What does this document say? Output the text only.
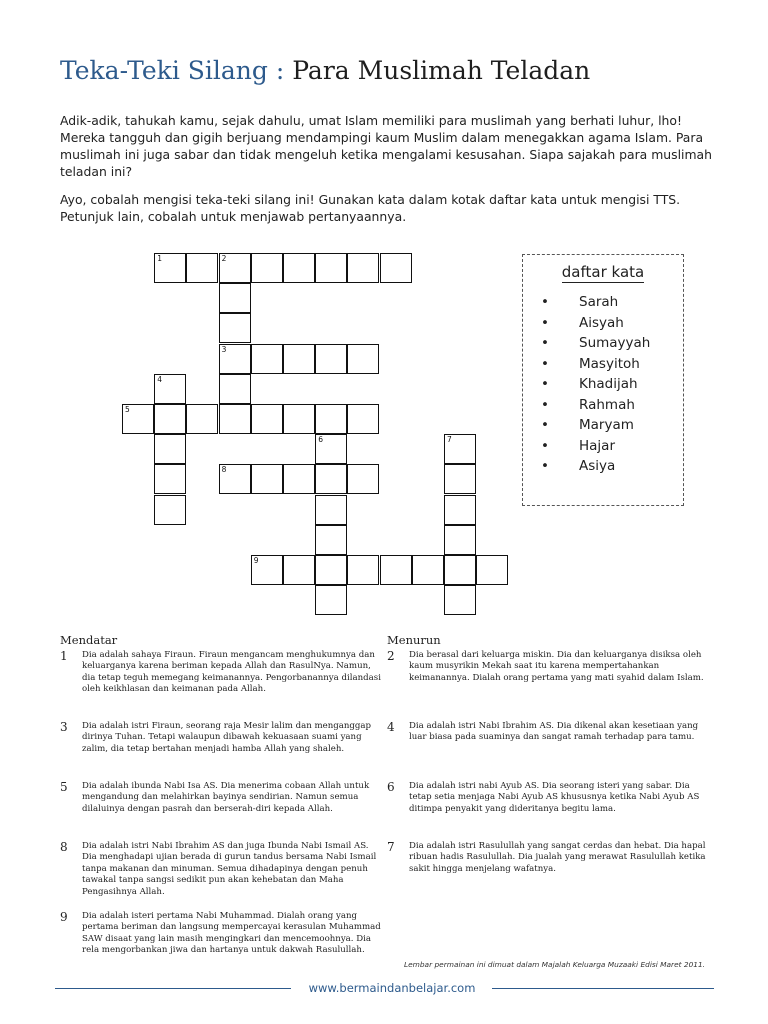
Teka-Teki Silang : Para Muslimah Teladan

Adik-adik, tahukah kamu, sejak dahulu, umat Islam memiliki para muslimah yang berhati luhur, lho! Mereka tangguh dan gigih berjuang mendampingi kaum Muslim dalam menegakkan agama Islam. Para muslimah ini juga sabar dan tidak mengeluh ketika mengalami kesusahan. Siapa sajakah para muslimah teladan ini?

Ayo, cobalah mengisi teka-teki silang ini! Gunakan kata dalam kotak daftar kata untuk mengisi TTS. Petunjuk lain, cobalah untuk menjawab pertanyaannya.

1	2
3
4
5
6	7
8
9
daftar kata
• Sarah
• Aisyah
• Sumayyah
• Masyitoh
• Khadijah
• Rahmah
• Maryam
• Hajar
• Asiya
Mendatar	Menurun
1 Dia adalah sahaya Firaun. Firaun mengancam menghukumnya dan keluarganya karena beriman kepada Allah dan RasulNya. Namun, dia tetap teguh memegang keimanannya. Pengorbanannya dilandasi oleh keikhlasan dan keimanan pada Allah.
3 Dia adalah istri Firaun, seorang raja Mesir lalim dan menganggap dirinya Tuhan. Tetapi walaupun dibawah kekuasaan suami yang zalim, dia tetap bertahan menjadi hamba Allah yang shaleh.
5 Dia adalah ibunda Nabi Isa AS. Dia menerima cobaan Allah untuk mengandung dan melahirkan bayinya sendirian. Namun semua dilaluinya dengan pasrah dan berserah-diri kepada Allah.
8 Dia adalah istri Nabi Ibrahim AS dan juga Ibunda Nabi Ismail AS. Dia menghadapi ujian berada di gurun tandus bersama Nabi Ismail tanpa makanan dan minuman. Semua dihadapinya dengan penuh tawakal tanpa sangsi sedikit pun akan kehebatan dan Maha Pengasihnya Allah.
9 Dia adalah isteri pertama Nabi Muhammad. Dialah orang yang pertama beriman dan langsung mempercayai kerasulan Muhammad SAW disaat yang lain masih mengingkari dan mencemoohnya. Dia rela mengorbankan jiwa dan hartanya untuk dakwah Rasulullah.
2 Dia berasal dari keluarga miskin. Dia dan keluarganya disiksa oleh kaum musyrikin Mekah saat itu karena mempertahankan keimanannya. Dialah orang pertama yang mati syahid dalam Islam.
4 Dia adalah istri Nabi Ibrahim AS. Dia dikenal akan kesetiaan yang luar biasa pada suaminya dan sangat ramah terhadap para tamu.
6 Dia adalah istri nabi Ayub AS. Dia seorang isteri yang sabar. Dia tetap setia menjaga Nabi Ayub AS khususnya ketika Nabi Ayub AS ditimpa penyakit yang dideritanya begitu lama.
7 Dia adalah istri Rasulullah yang sangat cerdas dan hebat. Dia hapal ribuan hadis Rasulullah. Dia jualah yang merawat Rasulullah ketika sakit hingga menjelang wafatnya.
Lembar permainan ini dimuat dalam Majalah Keluarga Muzaaki Edisi Maret 2011.
www.bermaindanbelajar.com
